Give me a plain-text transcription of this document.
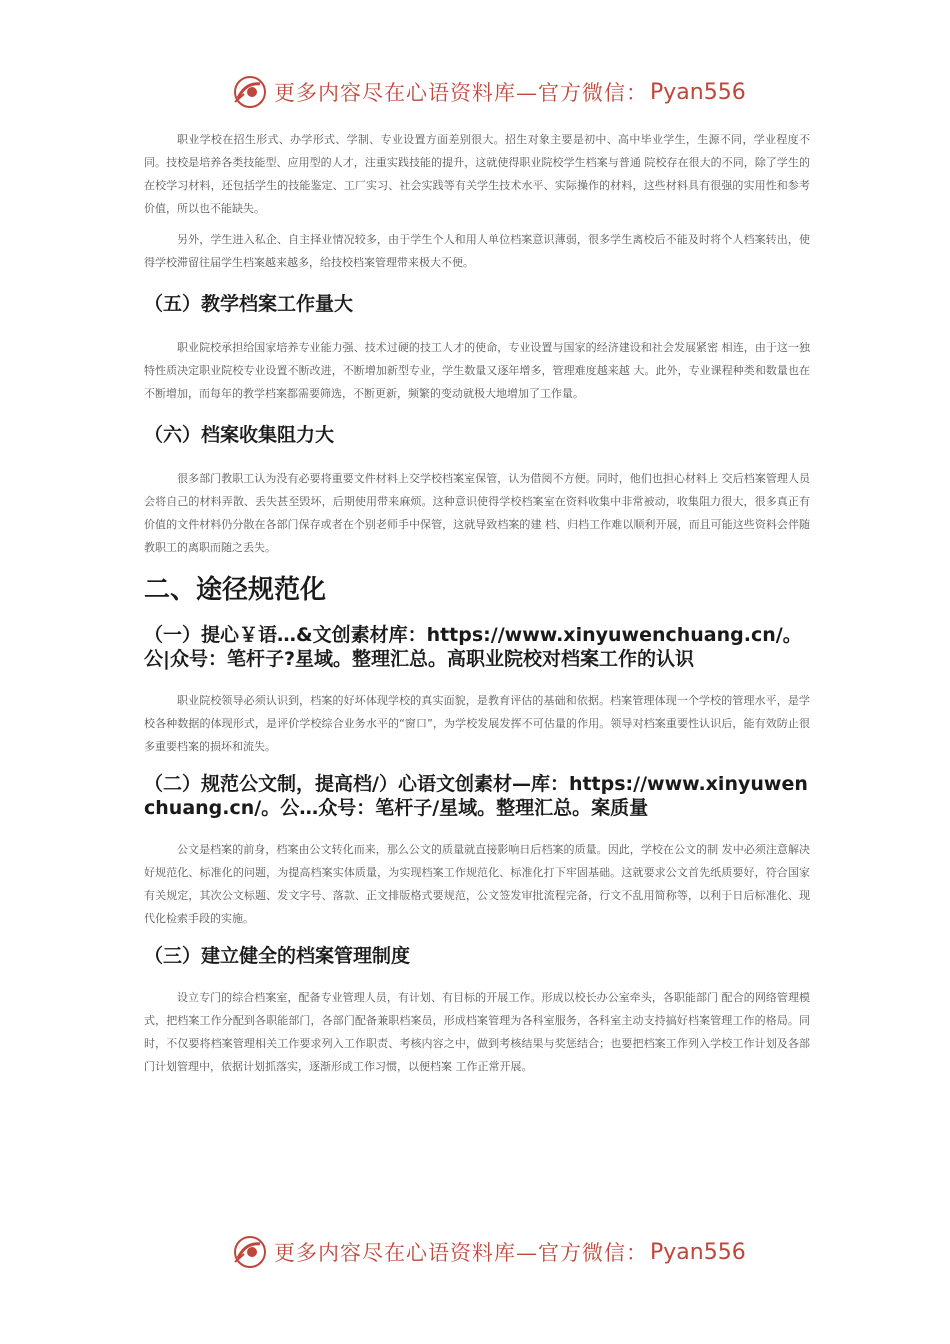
更多内容尽在心语资料库—官方微信： Pyan556

职业学校在招生形式、办学形式、学制、专业设置方面差别很大。招生对象主要是初中、高中毕业学生，生源不同，学业程度不同。技校是培养各类技能型、应用型的人才，注重实践技能的提升，这就使得职业院校学生档案与普通 院校存在很大的不同，除了学生的在校学习材料，还包括学生的技能鉴定、工厂实习、社会实践等有关学生技术水平、实际操作的材料，这些材料具有很强的实用性和参考价值，所以也不能缺失。

另外，学生进入私企、自主择业情况较多，由于学生个人和用人单位档案意识薄弱，很多学生离校后不能及时将个人档案转出，使得学校滞留往届学生档案越来越多，给技校档案管理带来极大不便。

（五）教学档案工作量大

职业院校承担给国家培养专业能力强、技术过硬的技工人才的使命，专业设置与国家的经济建设和社会发展紧密 相连，由于这一独特性质决定职业院校专业设置不断改进，不断增加新型专业，学生数量又逐年增多，管理难度越来越 大。此外，专业课程种类和数量也在不断增加，而每年的教学档案都需要筛选，不断更新，频繁的变动就极大地增加了工作量。

（六）档案收集阻力大

很多部门教职工认为没有必要将重要文件材料上交学校档案室保管，认为借阅不方便。同时，他们也担心材料上 交后档案管理人员会将自己的材料弄散、丢失甚至毁坏，后期使用带来麻烦。这种意识使得学校档案室在资料收集中非常被动，收集阻力很大，很多真正有价值的文件材料仍分散在各部门保存或者在个别老师手中保管，这就导致档案的建 档、归档工作难以顺利开展，而且可能这些资料会伴随教职工的离职而随之丢失。

二、途径规范化
（一）提心￥语…&文创素材库：https://www.xinyuwenchuang.cn/。公|众号：笔杆子?星域。整理汇总。高职业院校对档案工作的认识

职业院校领导必须认识到，档案的好坏体现学校的真实面貌，是教育评估的基础和依据。档案管理体现一个学校的管理水平，是学校各种数据的体现形式，是评价学校综合业务水平的“窗口”，为学校发展发挥不可估量的作用。领导对档案重要性认识后，能有效防止很多重要档案的损坏和流失。

（二）规范公文制，提高档/）心语文创素材—库：https://www.xinyuwenchuang.cn/。公…众号：笔杆子/星域。整理汇总。案质量

公文是档案的前身，档案由公文转化而来，那么公文的质量就直接影响日后档案的质量。因此，学校在公文的制 发中必须注意解决好规范化、标准化的问题，为提高档案实体质量，为实现档案工作规范化、标准化打下牢固基础。这就要求公文首先纸质要好，符合国家有关规定，其次公文标题、发文字号、落款、正文排版格式要规范，公文签发审批流程完备，行文不乱用简称等，以利于日后标准化、现代化检索手段的实施。

（三）建立健全的档案管理制度

设立专门的综合档案室，配备专业管理人员，有计划、有目标的开展工作。形成以校长办公室牵头，各职能部门 配合的网络管理模式，把档案工作分配到各职能部门，各部门配备兼职档案员，形成档案管理为各科室服务，各科室主动支持搞好档案管理工作的格局。同时，不仅要将档案管理相关工作要求列入工作职责、考核内容之中，做到考核结果与奖惩结合；也要把档案工作列入学校工作计划及各部门计划管理中，依据计划抓落实，逐渐形成工作习惯，以便档案 工作正常开展。

更多内容尽在心语资料库—官方微信： Pyan556
